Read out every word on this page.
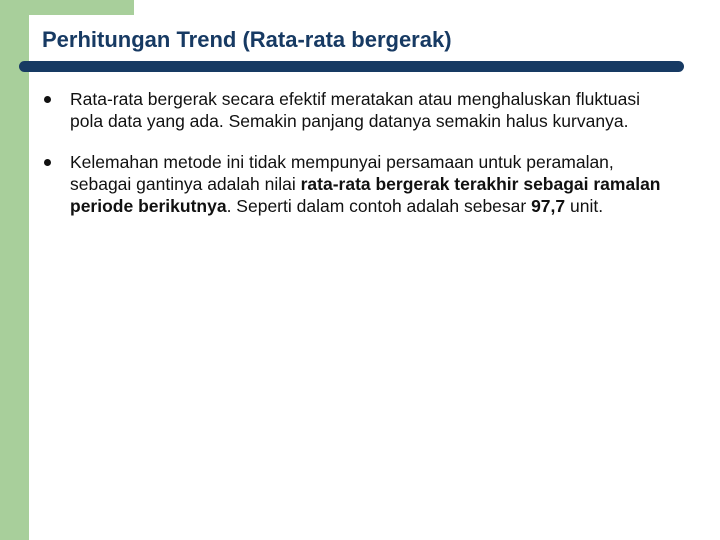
Perhitungan Trend (Rata-rata bergerak)
Rata-rata bergerak secara efektif meratakan atau menghaluskan fluktuasi pola data yang ada. Semakin panjang datanya semakin halus kurvanya.
Kelemahan metode ini tidak mempunyai persamaan untuk peramalan, sebagai gantinya adalah nilai rata-rata bergerak terakhir sebagai ramalan periode berikutnya. Seperti dalam contoh adalah sebesar 97,7 unit.
